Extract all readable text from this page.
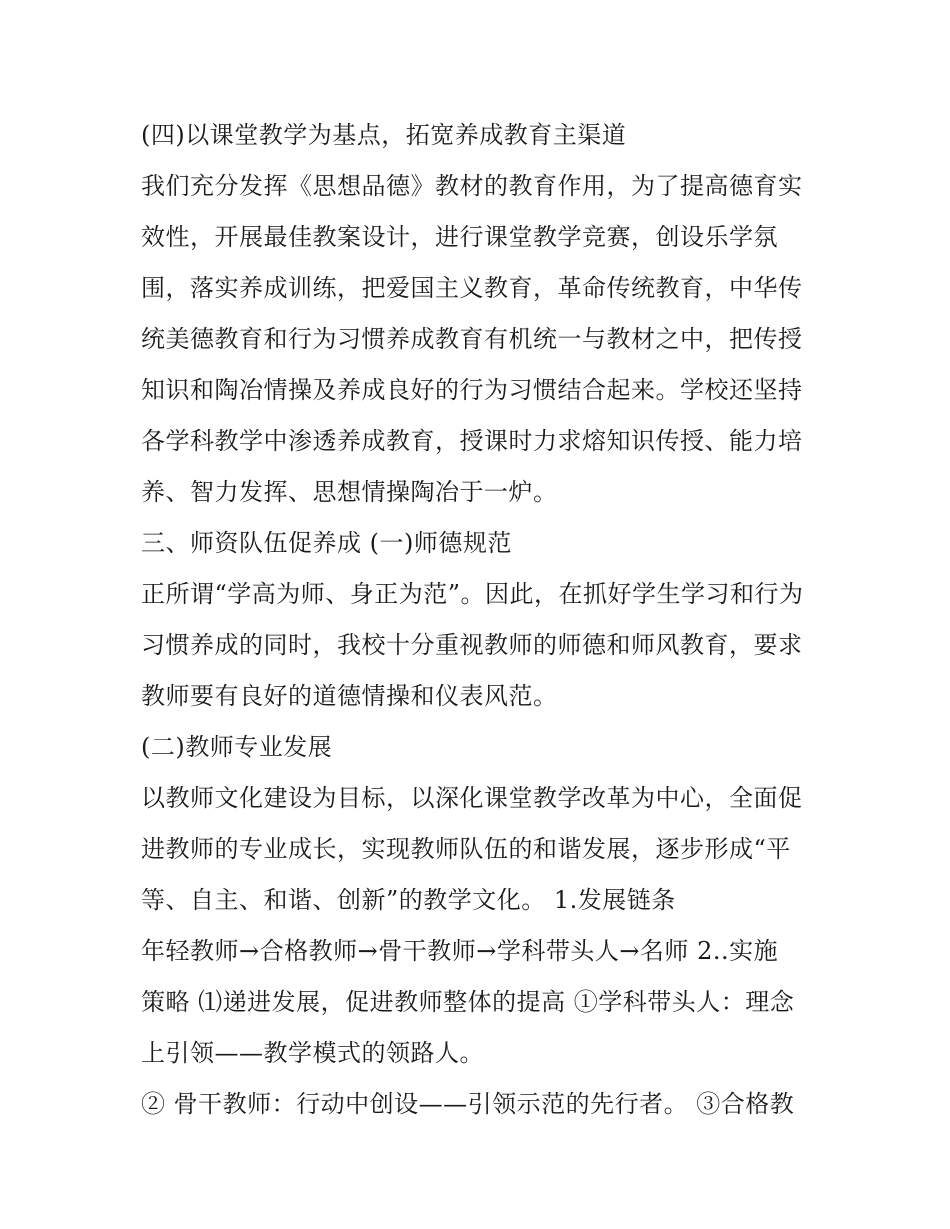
(四)以课堂教学为基点，拓宽养成教育主渠道
我们充分发挥《思想品德》教材的教育作用，为了提高德育实
效性，开展最佳教案设计，进行课堂教学竞赛，创设乐学氛
围，落实养成训练，把爱国主义教育，革命传统教育，中华传
统美德教育和行为习惯养成教育有机统一与教材之中，把传授
知识和陶冶情操及养成良好的行为习惯结合起来。学校还坚持
各学科教学中渗透养成教育，授课时力求熔知识传授、能力培
养、智力发挥、思想情操陶冶于一炉。
三、师资队伍促养成 (一)师德规范
正所谓“学高为师、身正为范”。因此，在抓好学生学习和行为
习惯养成的同时，我校十分重视教师的师德和师风教育，要求
教师要有良好的道德情操和仪表风范。
(二)教师专业发展
以教师文化建设为目标，以深化课堂教学改革为中心，全面促
进教师的专业成长，实现教师队伍的和谐发展，逐步形成“平
等、自主、和谐、创新”的教学文化。 1.发展链条
年轻教师→合格教师→骨干教师→学科带头人→名师 2..实施
策略 ⑴递进发展，促进教师整体的提高 ①学科带头人：理念
上引领——教学模式的领路人。
② 骨干教师：行动中创设——引领示范的先行者。 ③合格教
